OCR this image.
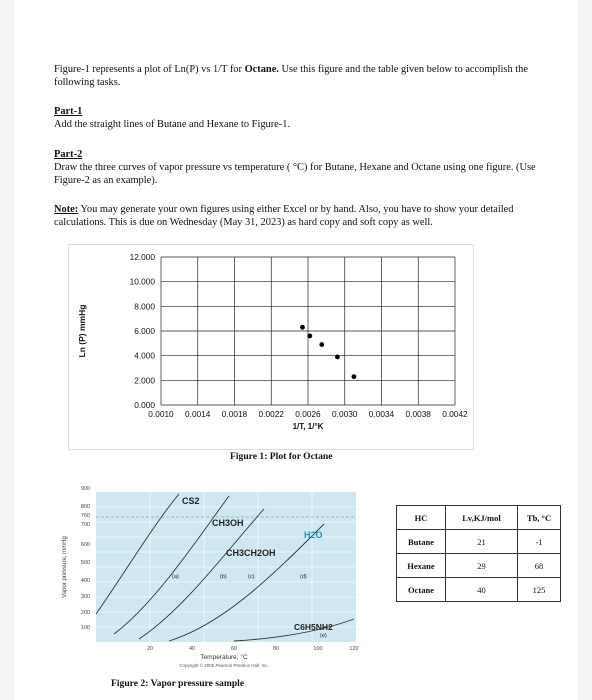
Figure-1 represents a plot of Ln(P) vs 1/T for Octane. Use this figure and the table given below to accomplish the following tasks.
Part-1
Add the straight lines of Butane and Hexane to Figure-1.
Part-2
Draw the three curves of vapor pressure vs temperature ( °C) for Butane, Hexane and Octane using one figure. (Use Figure-2 as an example).
Note: You may generate your own figures using either Excel or by hand. Also, you have to show your detailed calculations. This is due on Wednesday (May 31, 2023) as hard copy and soft copy as well.
0.0010 0.0014 0.0018 0.0022 0.0026 0.0030 0.0034 0.0038 0.0042
0.000
2.000
4.000
6.000
8.000
10.000
12.000
1/T, 1/°K
Ln (P) mmHg
Figure 1: Plot for Octane
100
200
300
400
500
600
700
760
800
900
20	40	60	80	100	120
Vapor pressure, mmHg
Temperature, °C
Copyright © 2005 Pearson Prentice Hall, Inc.
CS2
CH3OH
CH3CH2OH
H2O
C6H5NH2
(a)	(b)	(c)	(d)
(e)
Figure 2: Vapor pressure sample
HC	Lv,KJ/mol	Tb, °C
Butane	21	-1
Hexane	29	68
Octane	40	125
